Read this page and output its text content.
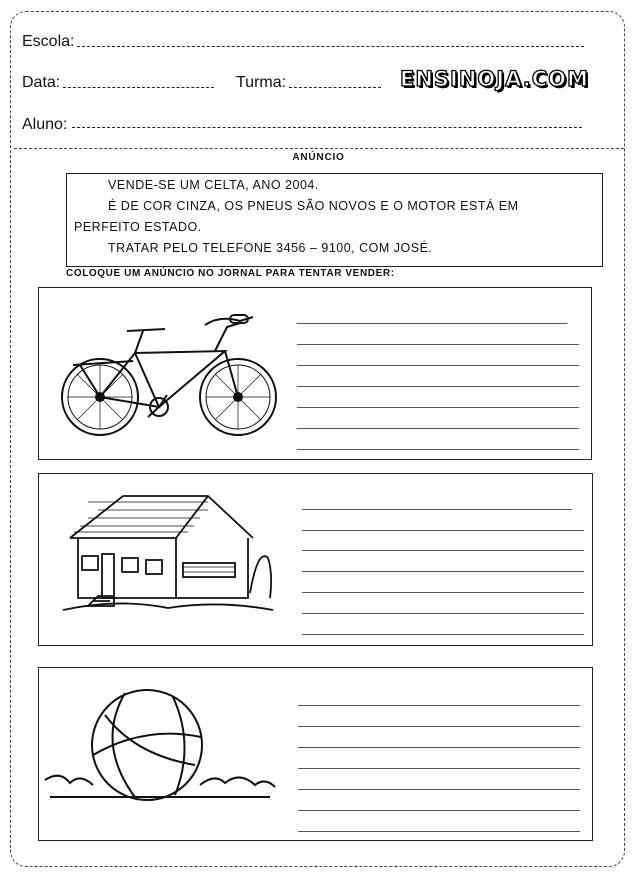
Escola:
Data:	Turma:	ENSINOJA.COM
Aluno:
ANÚNCIO
VENDE-SE UM CELTA, ANO 2004.
É DE COR CINZA, OS PNEUS SÃO NOVOS E O MOTOR ESTÁ EM
PERFEITO ESTADO.
TRATAR PELO TELEFONE 3456 – 9100, COM JOSÉ.
COLOQUE UM ANÚNCIO NO JORNAL PARA TENTAR VENDER:
